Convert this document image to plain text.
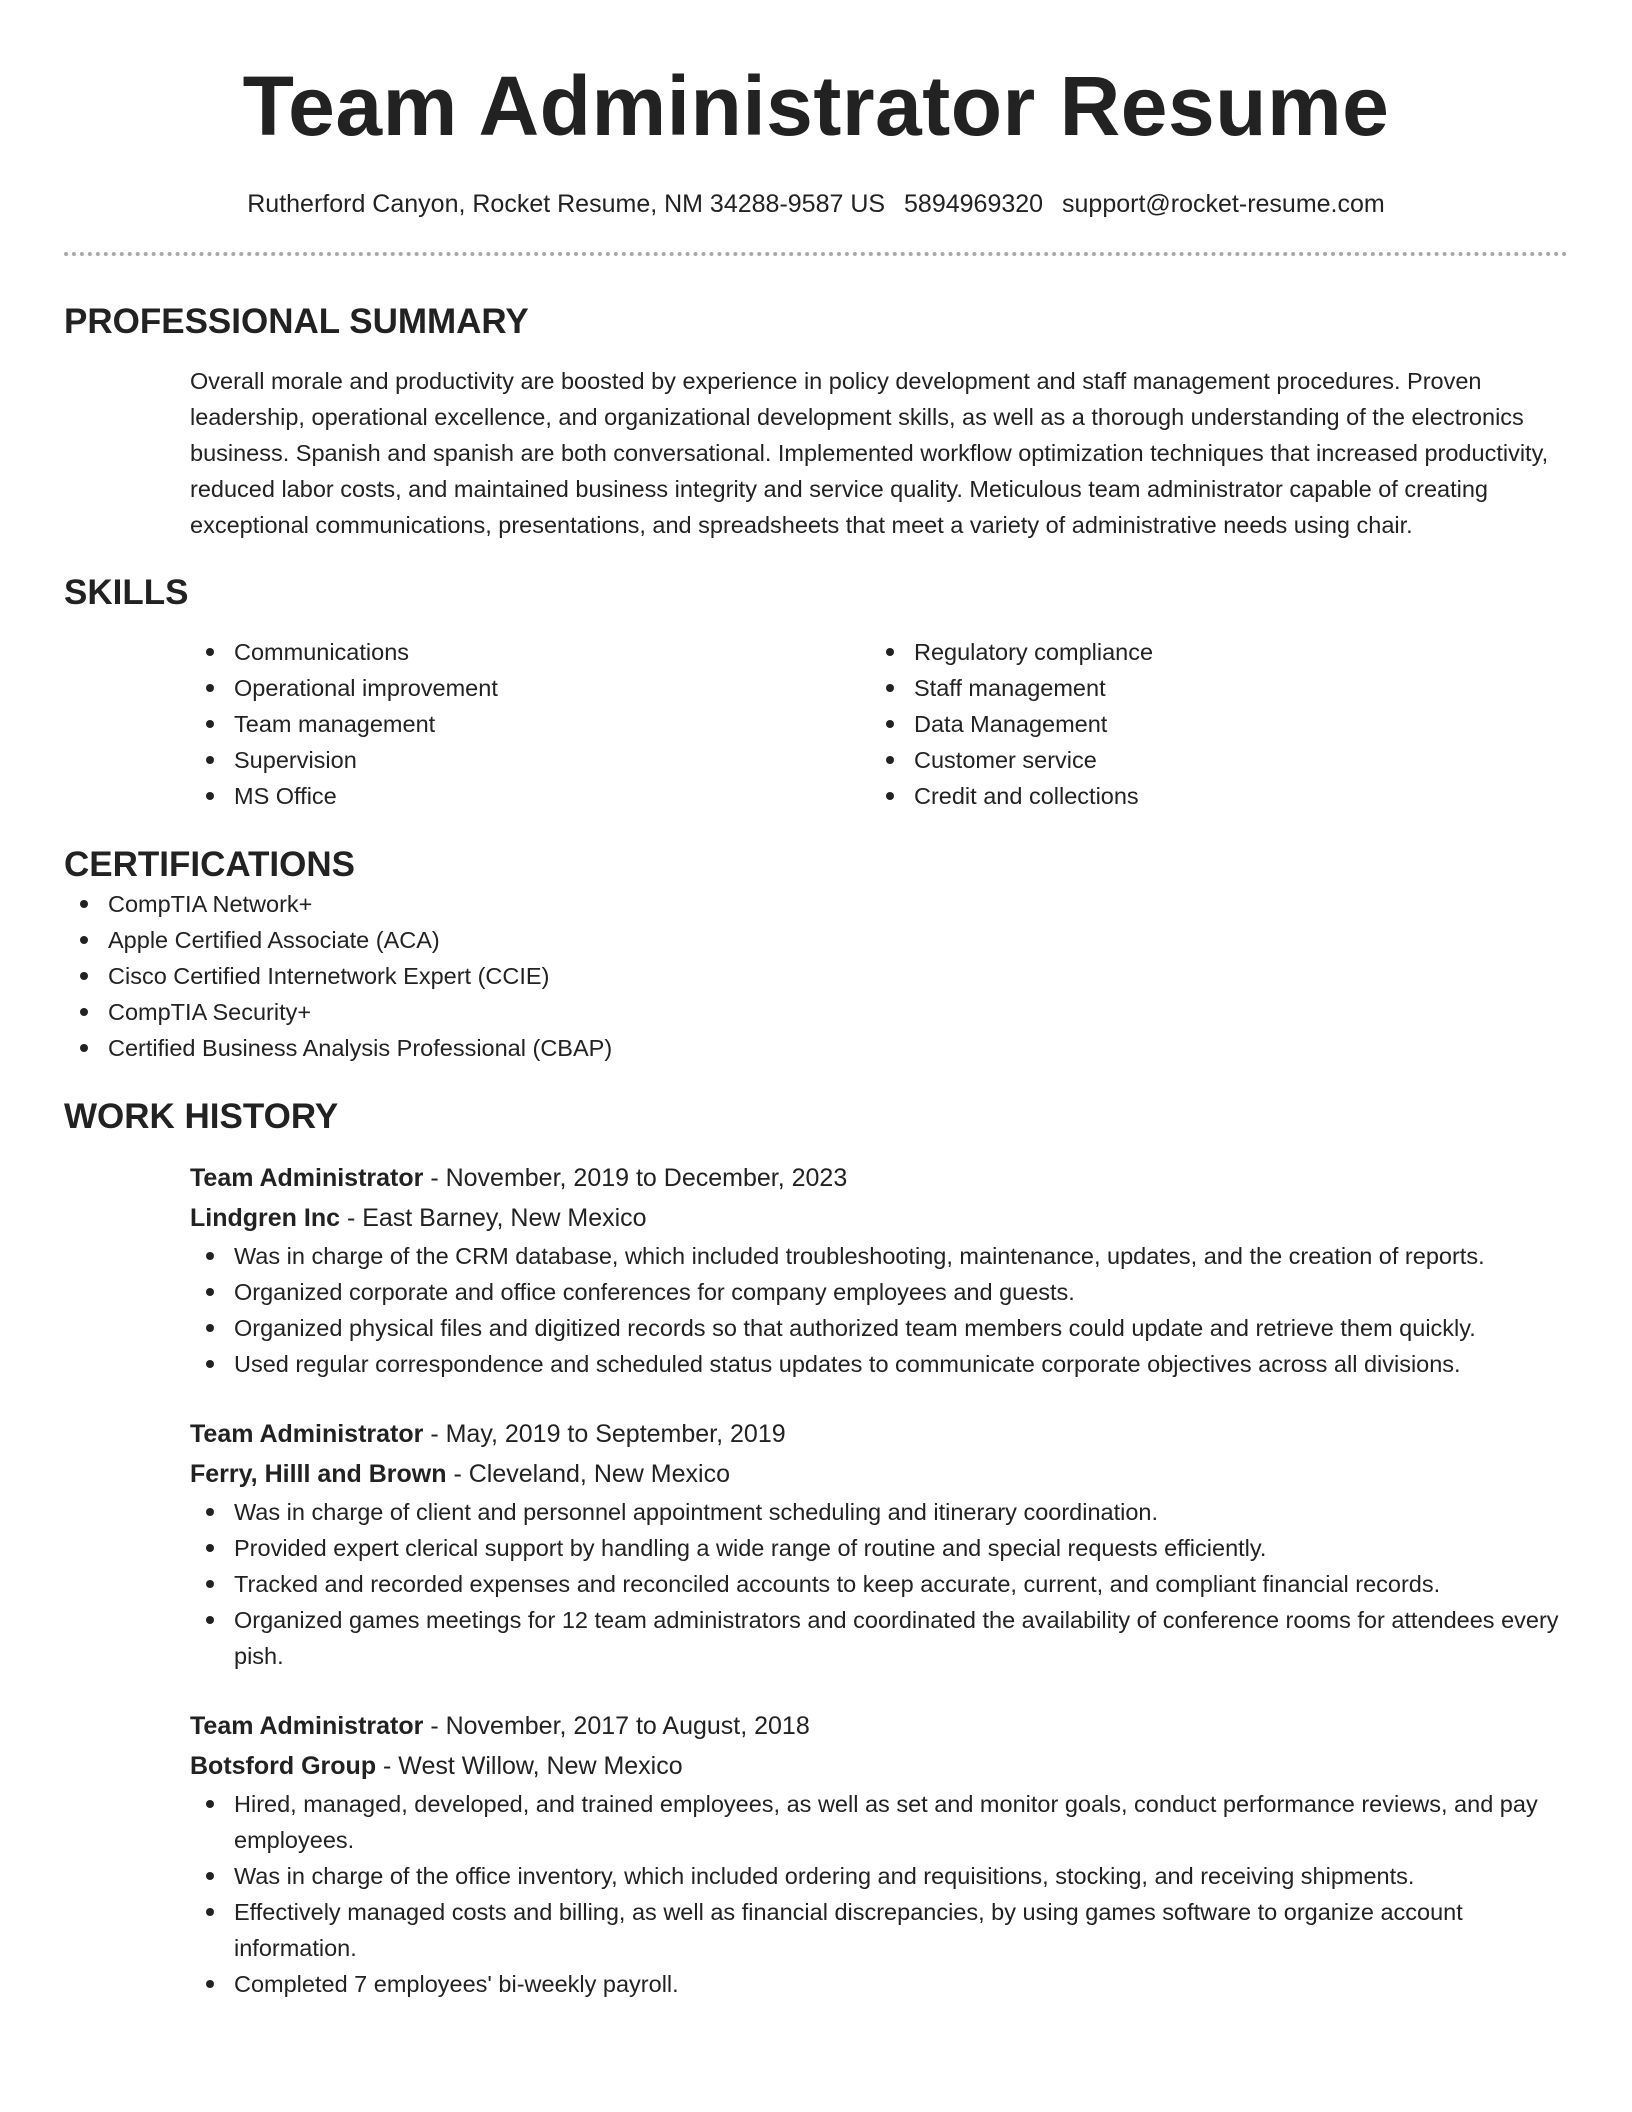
Team Administrator Resume
Rutherford Canyon, Rocket Resume, NM 34288-9587 US 5894969320 support@rocket-resume.com
PROFESSIONAL SUMMARY
Overall morale and productivity are boosted by experience in policy development and staff management procedures. Proven leadership, operational excellence, and organizational development skills, as well as a thorough understanding of the electronics business. Spanish and spanish are both conversational. Implemented workflow optimization techniques that increased productivity, reduced labor costs, and maintained business integrity and service quality. Meticulous team administrator capable of creating exceptional communications, presentations, and spreadsheets that meet a variety of administrative needs using chair.
SKILLS
Communications
Operational improvement
Team management
Supervision
MS Office
Regulatory compliance
Staff management
Data Management
Customer service
Credit and collections
CERTIFICATIONS
CompTIA Network+
Apple Certified Associate (ACA)
Cisco Certified Internetwork Expert (CCIE)
CompTIA Security+
Certified Business Analysis Professional (CBAP)
WORK HISTORY
Team Administrator - November, 2019 to December, 2023
Lindgren Inc - East Barney, New Mexico
Was in charge of the CRM database, which included troubleshooting, maintenance, updates, and the creation of reports.
Organized corporate and office conferences for company employees and guests.
Organized physical files and digitized records so that authorized team members could update and retrieve them quickly.
Used regular correspondence and scheduled status updates to communicate corporate objectives across all divisions.
Team Administrator - May, 2019 to September, 2019
Ferry, Hilll and Brown - Cleveland, New Mexico
Was in charge of client and personnel appointment scheduling and itinerary coordination.
Provided expert clerical support by handling a wide range of routine and special requests efficiently.
Tracked and recorded expenses and reconciled accounts to keep accurate, current, and compliant financial records.
Organized games meetings for 12 team administrators and coordinated the availability of conference rooms for attendees every pish.
Team Administrator - November, 2017 to August, 2018
Botsford Group - West Willow, New Mexico
Hired, managed, developed, and trained employees, as well as set and monitor goals, conduct performance reviews, and pay employees.
Was in charge of the office inventory, which included ordering and requisitions, stocking, and receiving shipments.
Effectively managed costs and billing, as well as financial discrepancies, by using games software to organize account information.
Completed 7 employees' bi-weekly payroll.
